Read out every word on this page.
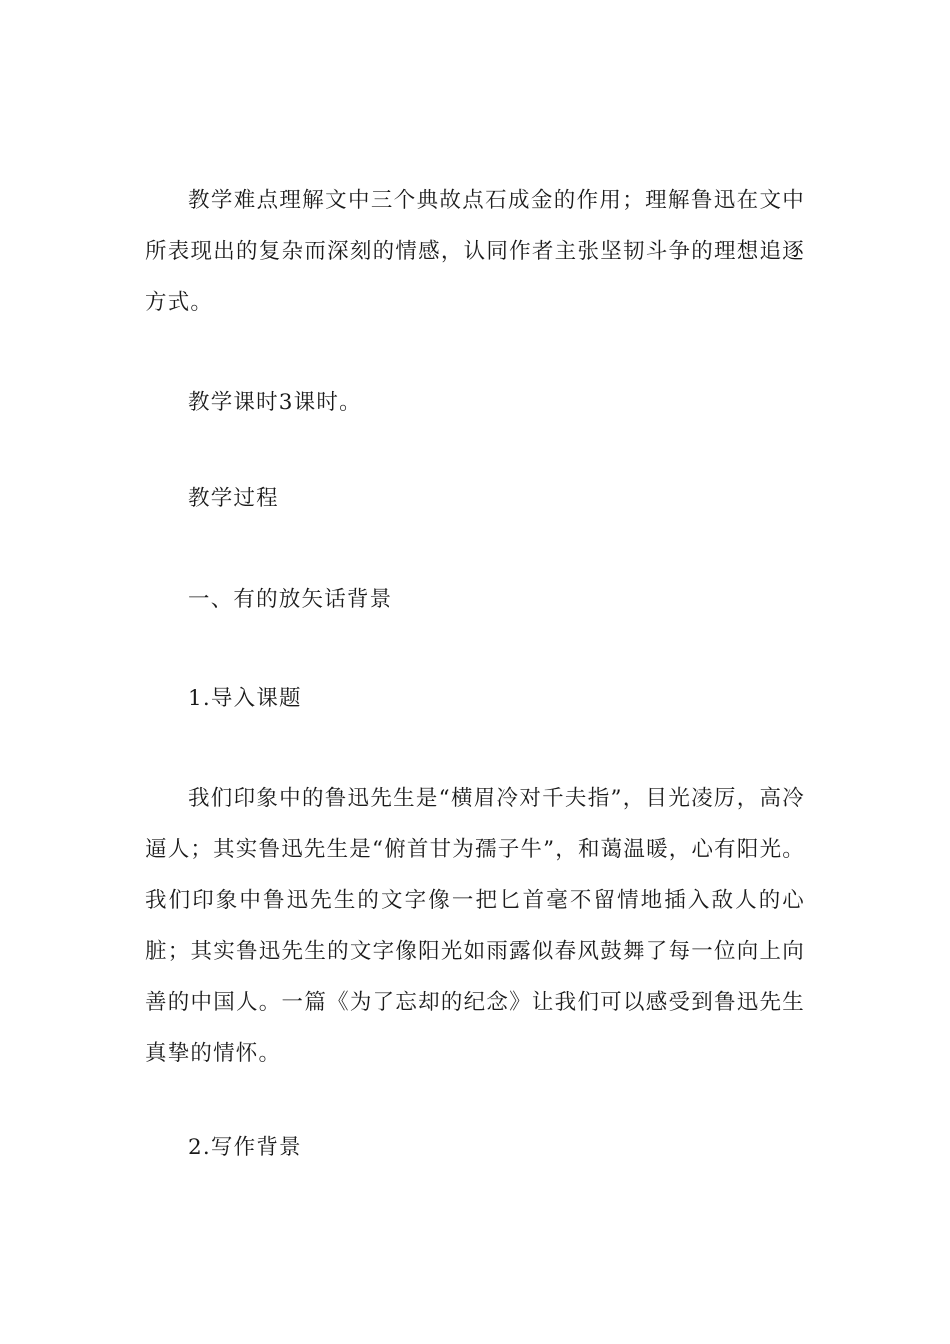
教学难点理解文中三个典故点石成金的作用；理解鲁迅在文中所表现出的复杂而深刻的情感，认同作者主张坚韧斗争的理想追逐方式。

教学课时3课时。

教学过程

一、有的放矢话背景

1.导入课题

我们印象中的鲁迅先生是“横眉冷对千夫指”，目光凌厉，高冷逼人；其实鲁迅先生是“俯首甘为孺子牛”，和蔼温暖，心有阳光。我们印象中鲁迅先生的文字像一把匕首毫不留情地插入敌人的心脏；其实鲁迅先生的文字像阳光如雨露似春风鼓舞了每一位向上向善的中国人。一篇《为了忘却的纪念》让我们可以感受到鲁迅先生真挚的情怀。

2.写作背景
